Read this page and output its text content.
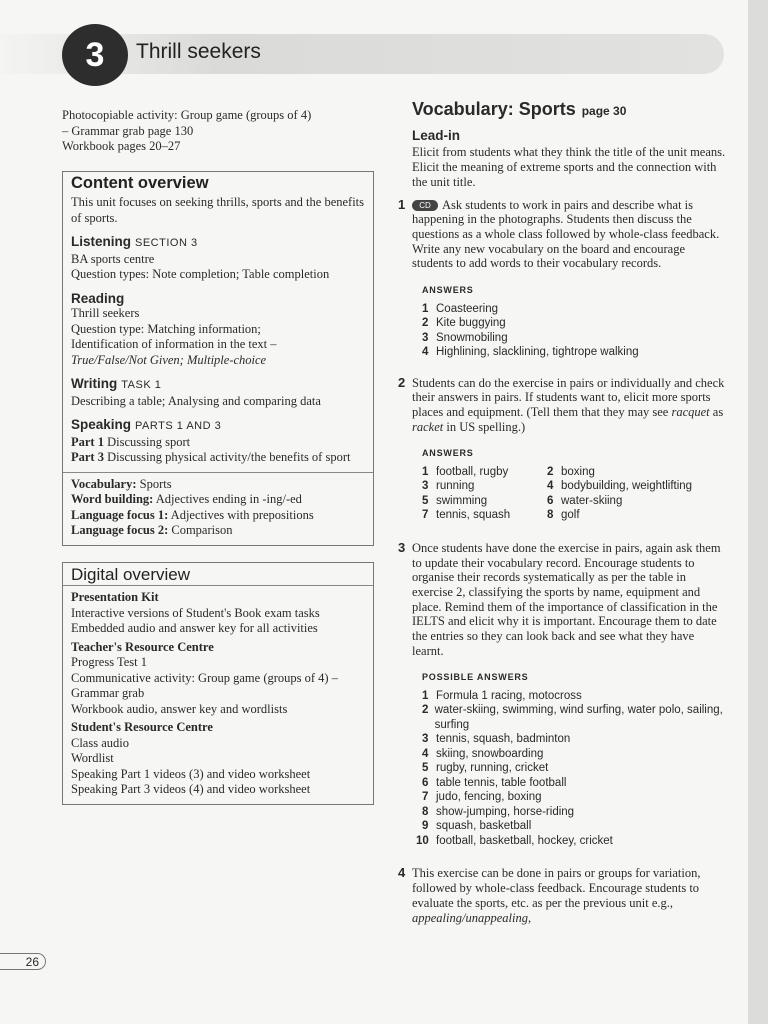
3	Thrill seekers

Photocopiable activity: Group game (groups of 4)

– Grammar grab page 130

Workbook pages 20–27

Content overview

This unit focuses on seeking thrills, sports and the benefits of sports.

Listening SECTION 3

BA sports centre

Question types: Note completion; Table completion

Reading

Thrill seekers

Question type: Matching information;

Identification of information in the text –

True/False/Not Given; Multiple-choice

Writing TASK 1

Describing a table; Analysing and comparing data

Speaking PARTS 1 AND 3

Part 1 Discussing sport

Part 3 Discussing physical activity/the benefits of sport

Vocabulary: Sports

Word building: Adjectives ending in -ing/-ed

Language focus 1: Adjectives with prepositions

Language focus 2: Comparison

Digital overview

Presentation Kit

Interactive versions of Student's Book exam tasks

Embedded audio and answer key for all activities

Teacher's Resource Centre

Progress Test 1

Communicative activity: Group game (groups of 4) – Grammar grab

Workbook audio, answer key and wordlists

Student's Resource Centre

Class audio

Wordlist

Speaking Part 1 videos (3) and video worksheet

Speaking Part 3 videos (4) and video worksheet

Vocabulary: Sports page 30
Lead-in

Elicit from students what they think the title of the unit means. Elicit the meaning of extreme sports and the connection with the unit title.

1 CD Ask students to work in pairs and describe what is happening in the photographs. Students then discuss the questions as a whole class followed by whole-class feedback. Write any new vocabulary on the board and encourage students to add words to their vocabulary records.

ANSWERS
1 Coasteering
2 Kite buggying
3 Snowmobiling
4 Highlining, slacklining, tightrope walking

2 Students can do the exercise in pairs or individually and check their answers in pairs. If students want to, elicit more sports places and equipment. (Tell them that they may see racquet as racket in US spelling.)

ANSWERS
1 football, rugby	2 boxing
3 running	4 bodybuilding, weightlifting
5 swimming	6 water-skiing
7 tennis, squash	8 golf

3 Once students have done the exercise in pairs, again ask them to update their vocabulary record. Encourage students to organise their records systematically as per the table in exercise 2, classifying the sports by name, equipment and place. Remind them of the importance of classification in the IELTS and elicit why it is important. Encourage them to date the entries so they can look back and see what they have learnt.

POSSIBLE ANSWERS
1 Formula 1 racing, motocross
2 water-skiing, swimming, wind surfing, water polo, sailing, surfing
3 tennis, squash, badminton
4 skiing, snowboarding
5 rugby, running, cricket
6 table tennis, table football
7 judo, fencing, boxing
8 show-jumping, horse-riding
9 squash, basketball
10 football, basketball, hockey, cricket

4 This exercise can be done in pairs or groups for variation, followed by whole-class feedback. Encourage students to evaluate the sports, etc. as per the previous unit e.g., appealing/unappealing,

26
